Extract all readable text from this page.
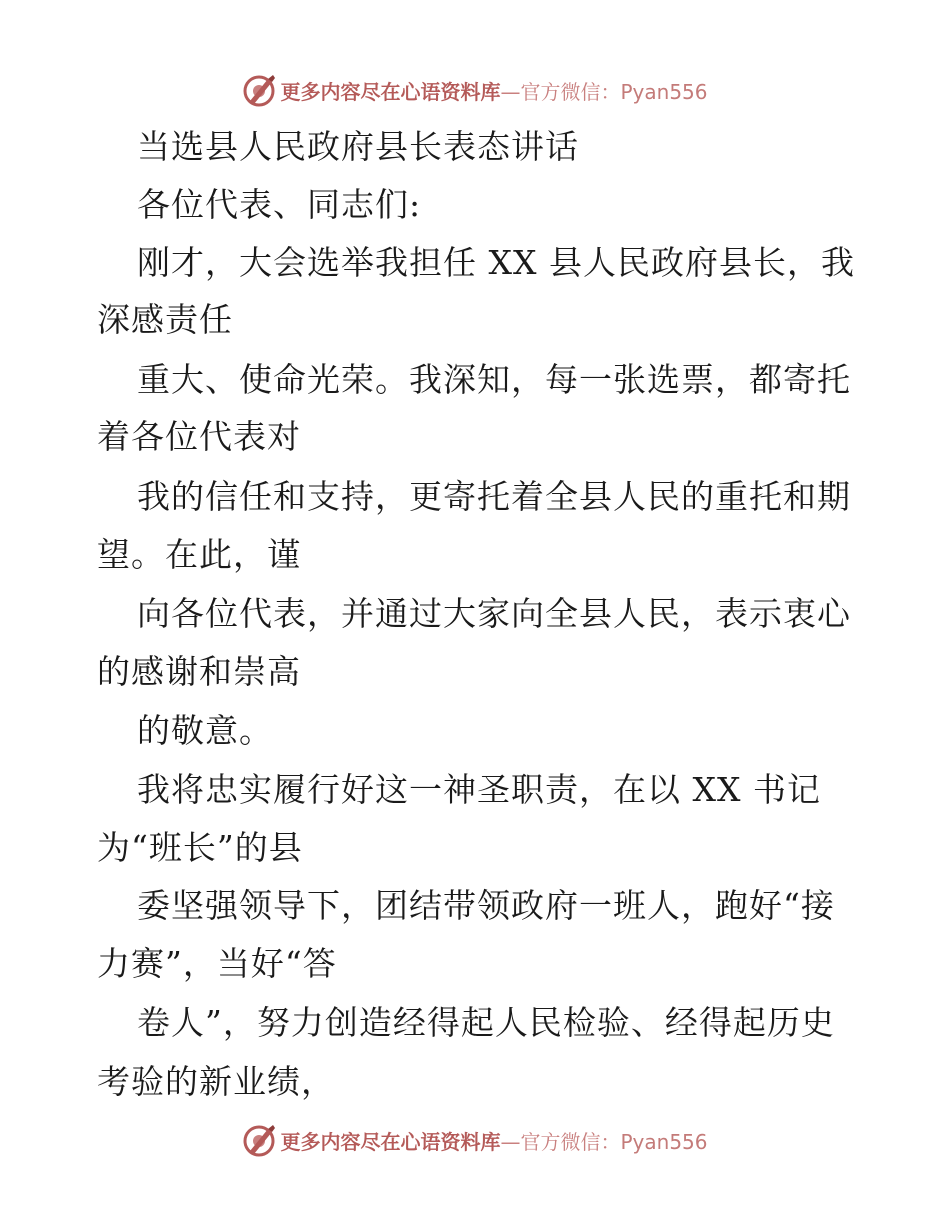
更多内容尽在心语资料库—官方微信：Pyan556
当选县人民政府县长表态讲话
各位代表、同志们:
刚才，大会选举我担任 XX 县人民政府县长，我
深感责任
重大、使命光荣。我深知，每一张选票，都寄托
着各位代表对
我的信任和支持，更寄托着全县人民的重托和期
望。在此，谨
向各位代表，并通过大家向全县人民，表示衷心
的感谢和崇高
的敬意。
我将忠实履行好这一神圣职责，在以 XX 书记
为“班长”的县
委坚强领导下，团结带领政府一班人，跑好“接
力赛”，当好“答
卷人”，努力创造经得起人民检验、经得起历史
考验的新业绩，
更多内容尽在心语资料库—官方微信：Pyan556
